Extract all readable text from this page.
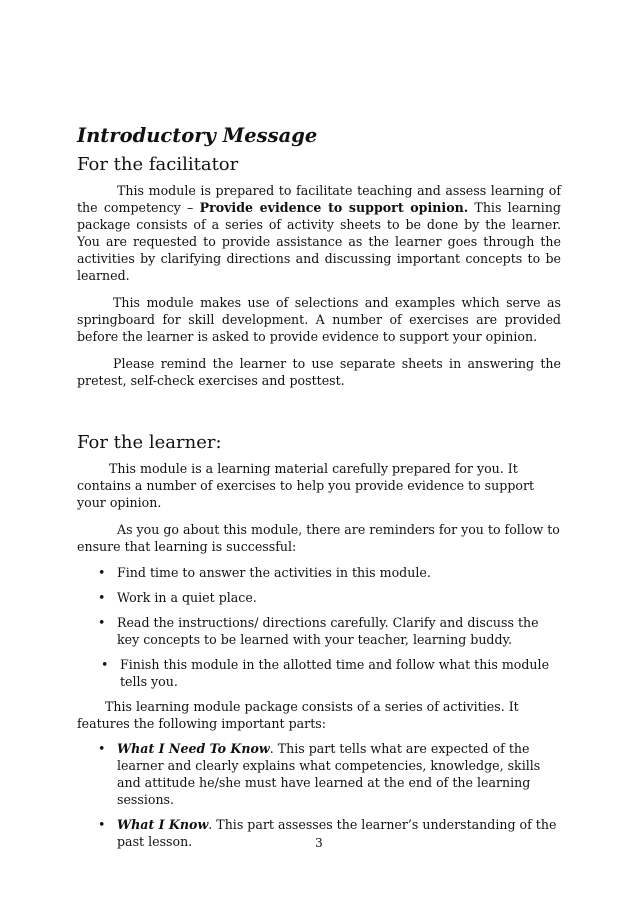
Introductory Message
For the facilitator

This module is prepared to facilitate teaching and assess learning of the competency – Provide evidence to support opinion. This learning package consists of a series of activity sheets to be done by the learner. You are requested to provide assistance as the learner goes through the activities by clarifying directions and discussing important concepts to be learned.

This module makes use of selections and examples which serve as springboard for skill development. A number of exercises are provided before the learner is asked to provide evidence to support your opinion.

Please remind the learner to use separate sheets in answering the pretest, self-check exercises and posttest.

For the learner:

This module is a learning material carefully prepared for you. It contains a number of exercises to help you provide evidence to support your opinion.

As you go about this module, there are reminders for you to follow to ensure that learning is successful:

• Find time to answer the activities in this module.
• Work in a quiet place.
• Read the instructions/ directions carefully. Clarify and discuss the key concepts to be learned with your teacher, learning buddy.
• Finish this module in the allotted time and follow what this module tells you.

This learning module package consists of a series of activities. It features the following important parts:

• What I Need To Know. This part tells what are expected of the learner and clearly explains what competencies, knowledge, skills and attitude he/she must have learned at the end of the learning sessions.
• What I Know. This part assesses the learner’s understanding of the past lesson.	3
